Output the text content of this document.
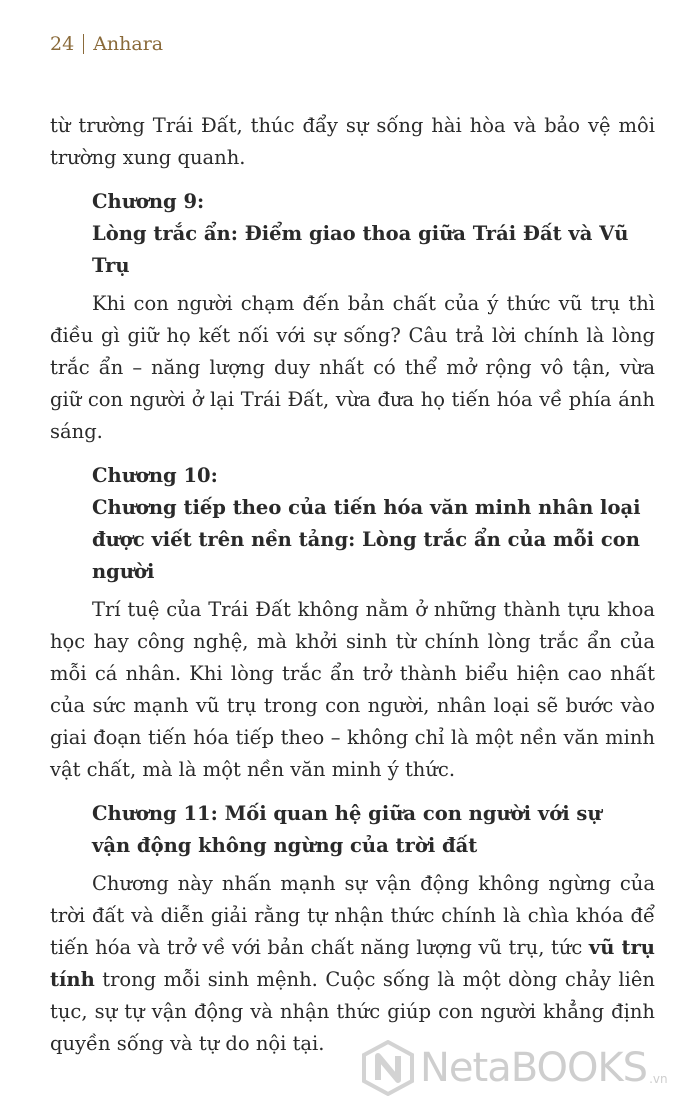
24 Anhara

từ trường Trái Đất, thúc đẩy sự sống hài hòa và bảo vệ môi trường xung quanh.

Chương 9:
Lòng trắc ẩn: Điểm giao thoa giữa Trái Đất và Vũ Trụ

Khi con người chạm đến bản chất của ý thức vũ trụ thì điều gì giữ họ kết nối với sự sống? Câu trả lời chính là lòng trắc ẩn – năng lượng duy nhất có thể mở rộng vô tận, vừa giữ con người ở lại Trái Đất, vừa đưa họ tiến hóa về phía ánh sáng.

Chương 10:
Chương tiếp theo của tiến hóa văn minh nhân loại
được viết trên nền tảng: Lòng trắc ẩn của mỗi con người

Trí tuệ của Trái Đất không nằm ở những thành tựu khoa học hay công nghệ, mà khởi sinh từ chính lòng trắc ẩn của mỗi cá nhân. Khi lòng trắc ẩn trở thành biểu hiện cao nhất của sức mạnh vũ trụ trong con người, nhân loại sẽ bước vào giai đoạn tiến hóa tiếp theo – không chỉ là một nền văn minh vật chất, mà là một nền văn minh ý thức.

Chương 11: Mối quan hệ giữa con người với sự
vận động không ngừng của trời đất

Chương này nhấn mạnh sự vận động không ngừng của trời đất và diễn giải rằng tự nhận thức chính là chìa khóa để tiến hóa và trở về với bản chất năng lượng vũ trụ, tức vũ trụ tính trong mỗi sinh mệnh. Cuộc sống là một dòng chảy liên tục, sự tự vận động và nhận thức giúp con người khẳng định quyền sống và tự do nội tại.

NetaBOOKS .vn
